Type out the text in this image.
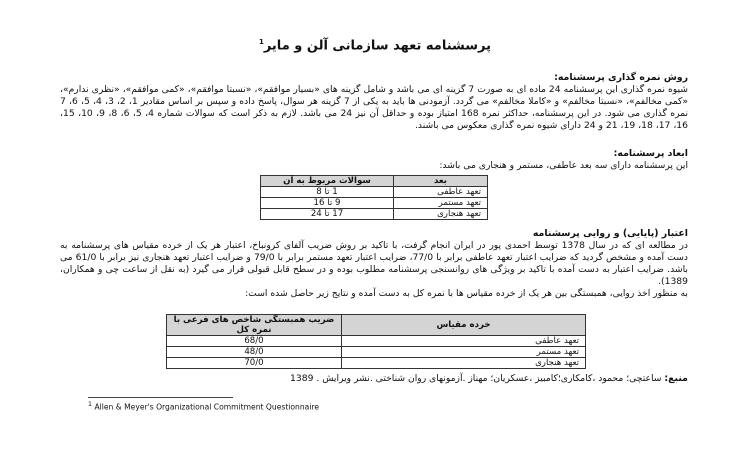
پرسشنامه تعهد سازمانی آلن و مایر$^1$
روش نمره گذاری پرسشنامه:
شیوه نمره گذاری این پرسشنامه 24 ماده ای به صورت 7 گزینه ای می باشد و شامل گزینه های «بسیار موافقم»، «نسبتا موافقم»، «کمی موافقم»، «نظری ندارم»، «کمی مخالفم»، «نسبتا مخالفم» و «کاملا مخالفم» می گردد. آزمودنی ها باید به یکی از 7 گزینه هر سوال، پاسخ داده و سپس بر اساس مقادیر 1، 2، 3، 4، 5، 6، 7 نمره گذاری می شود. در این پرسشنامه، حداکثر نمره 168 امتیاز بوده و حداقل آن نیز 24 می باشد. لازم به ذکر است که سوالات شماره 4، 5، 6، 8، 9، 10، 15، 16، 17، 18، 19، 21 و 24 دارای شیوه نمره گذاری معکوس می باشند.
ابعاد پرسشنامه:
این پرسشنامه دارای سه بعد عاطفی، مستمر و هنجاری می باشد:
بعد	سوالات مربوط به آن
تعهد عاطفی	1 تا 8
تعهد مستمر	9 تا 16
تعهد هنجاری	17 تا 24
اعتبار (پایایی) و روایی پرسشنامه
در مطالعه ای که در سال 1378 توسط احمدی پور در ایران انجام گرفت، با تاکید بر روش ضریب آلفای کرونباخ، اعتبار هر یک از خرده مقیاس های پرسشنامه به دست آمده و مشخص گردید که ضرایب اعتبار تعهد عاطفی برابر با 77/0، ضرایب اعتبار تعهد مستمر برابر با 79/0 و ضرایب اعتبار تعهد هنجاری نیز برابر با 61/0 می باشد. ضرایب اعتبار به دست آمده با تاکید بر ویژگی های روانسنجی پرسشنامه مطلوب بوده و در سطح قابل قبولی قرار می گیرد (به نقل از ساعت چی و همکاران، 1389).
به منظور اخذ روایی، همبستگی بین هر یک از خرده مقیاس ها با نمره کل به دست آمده و نتایج زیر حاصل شده است:
خرده مقیاس	ضریب همبستگی شاخص های فرعی با نمره کل
تعهد عاطفی	68/0
تعهد مستمر	48/0
تعهد هنجاری	70/0
منبع: ساعتچی؛ محمود ،کامکاری؛کامبیز ،عسکریان؛ مهناز .آزمونهای روان شناختی .نشر ویرایش . 1389
$^1$ Allen & Meyer's Organizational Commitment Questionnaire
